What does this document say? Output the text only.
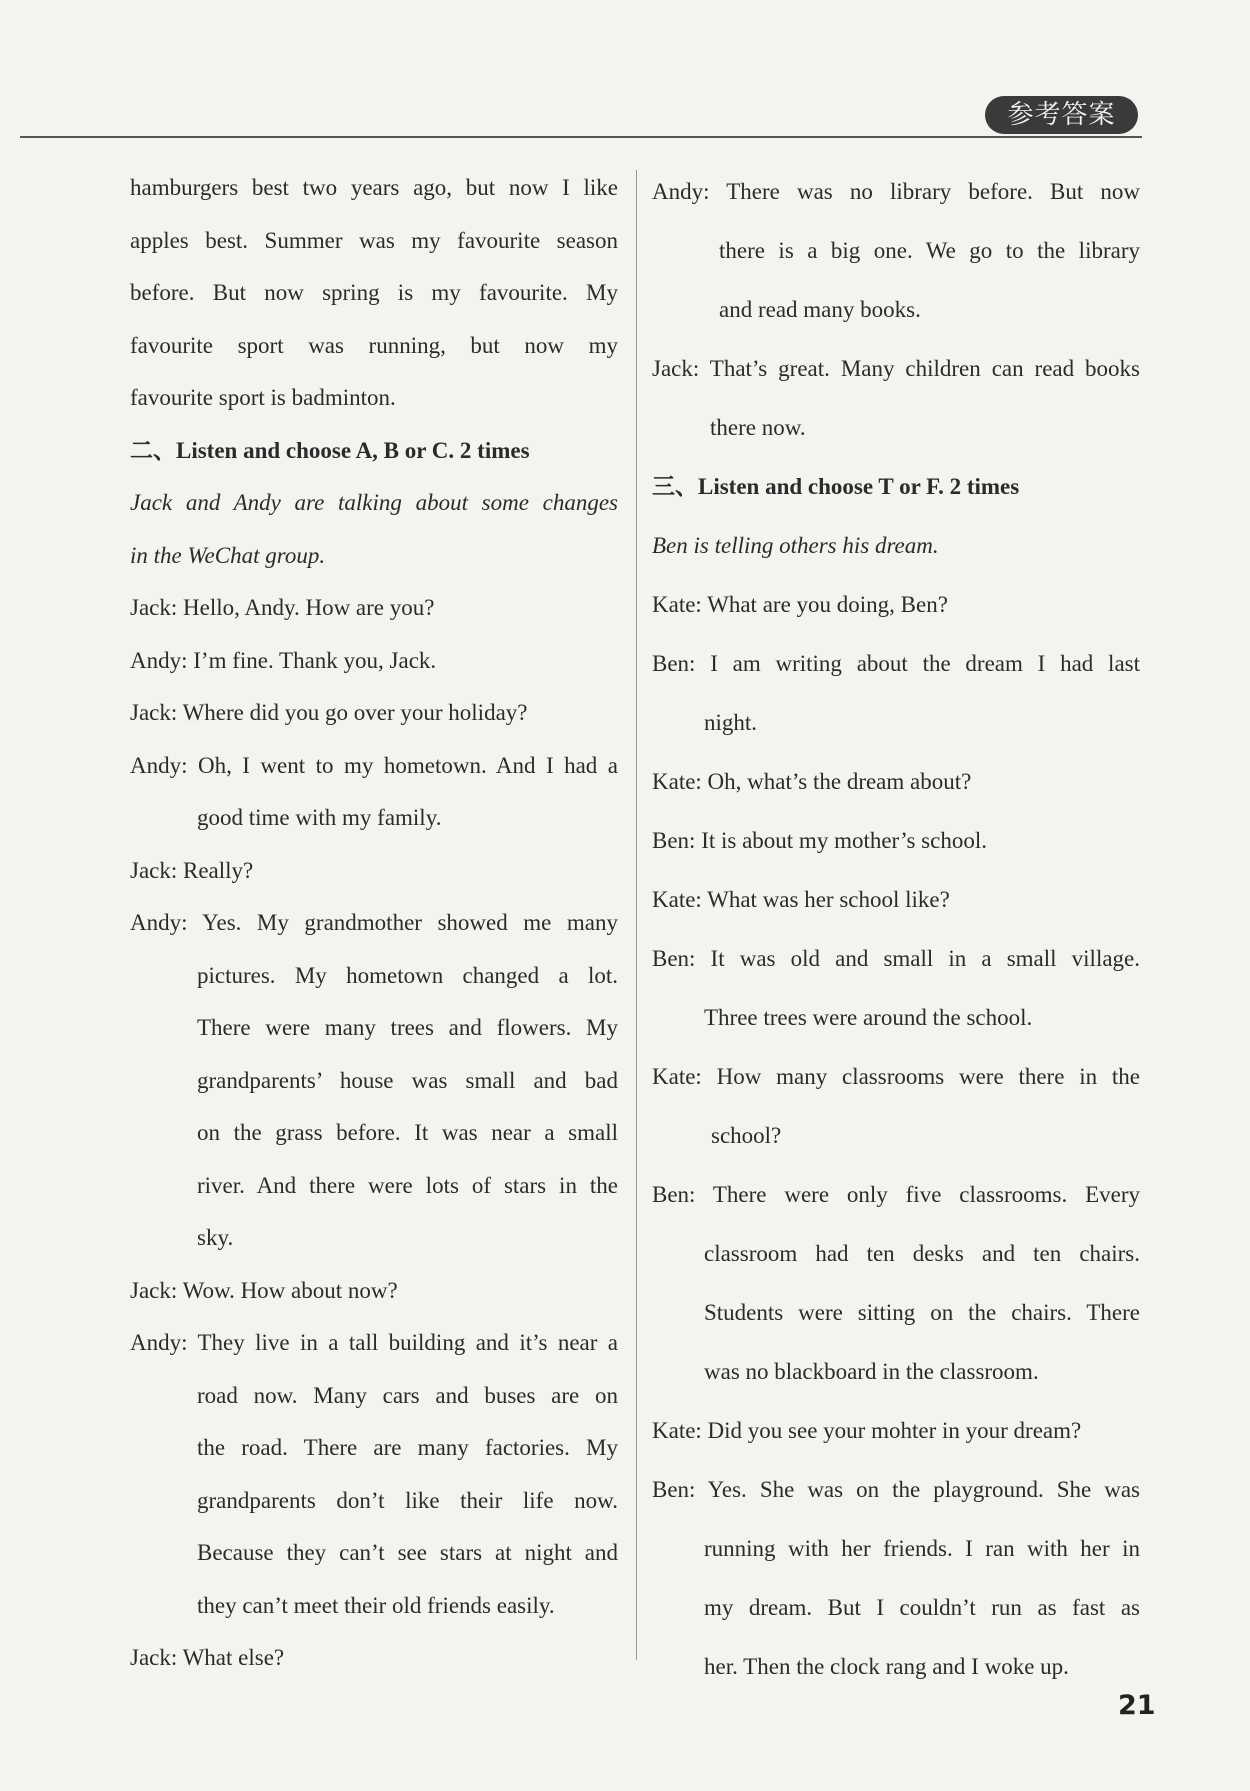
参考答案
hamburgers best two years ago, but now I like
apples best. Summer was my favourite season
before. But now spring is my favourite. My
favourite sport was running, but now my
favourite sport is badminton.
二、Listen and choose A, B or C. 2 times
Jack and Andy are talking about some changes
in the WeChat group.
Jack: Hello, Andy. How are you?
Andy: I’m fine. Thank you, Jack.
Jack: Where did you go over your holiday?
Andy: Oh, I went to my hometown. And I had a
good time with my family.
Jack: Really?
Andy: Yes. My grandmother showed me many
pictures. My hometown changed a lot.
There were many trees and flowers. My
grandparents’ house was small and bad
on the grass before. It was near a small
river. And there were lots of stars in the
sky.
Jack: Wow. How about now?
Andy: They live in a tall building and it’s near a
road now. Many cars and buses are on
the road. There are many factories. My
grandparents don’t like their life now.
Because they can’t see stars at night and
they can’t meet their old friends easily.
Jack: What else?
Andy: There was no library before. But now
there is a big one. We go to the library
and read many books.
Jack: That’s great. Many children can read books
there now.
三、Listen and choose T or F. 2 times
Ben is telling others his dream.
Kate: What are you doing, Ben?
Ben: I am writing about the dream I had last
night.
Kate: Oh, what’s the dream about?
Ben: It is about my mother’s school.
Kate: What was her school like?
Ben: It was old and small in a small village.
Three trees were around the school.
Kate: How many classrooms were there in the
school?
Ben: There were only five classrooms. Every
classroom had ten desks and ten chairs.
Students were sitting on the chairs. There
was no blackboard in the classroom.
Kate: Did you see your mohter in your dream?
Ben: Yes. She was on the playground. She was
running with her friends. I ran with her in
my dream. But I couldn’t run as fast as
her. Then the clock rang and I woke up.
21
